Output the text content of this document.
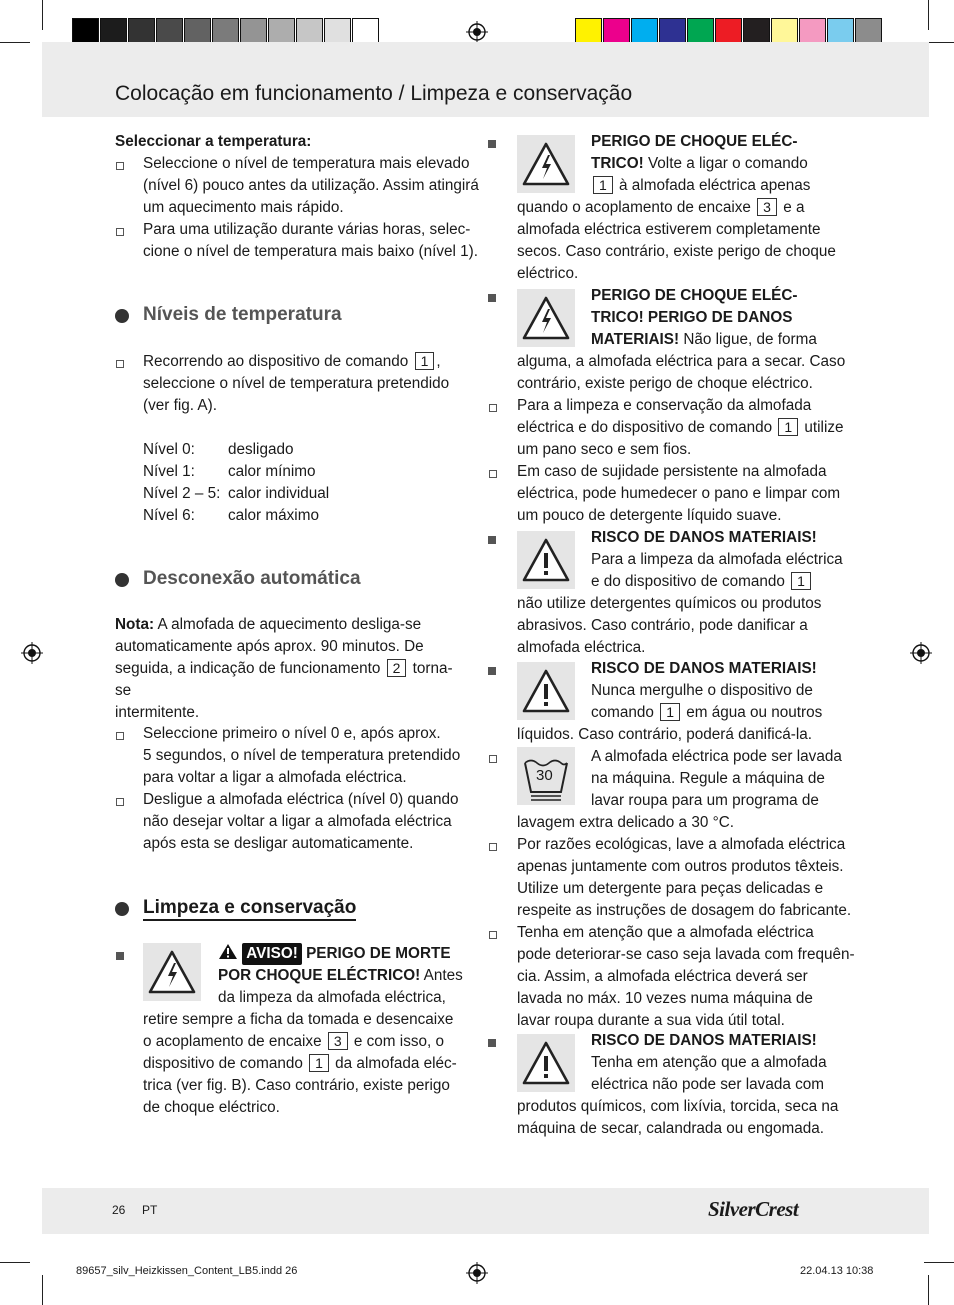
Colocação em funcionamento / Limpeza e conservação
Seleccionar a temperatura:
Seleccione o nível de temperatura mais elevado
(nível 6) pouco antes da utilização. Assim atingirá
um aquecimento mais rápido.
Para uma utilização durante várias horas, selec-
cione o nível de temperatura mais baixo (nível 1).
Níveis de temperatura
Recorrendo ao dispositivo de comando 1 ,
seleccione o nível de temperatura pretendido
(ver fig. A).
Nível 0: desligado
Nível 1: calor mínimo
Nível 2 – 5: calor individual
Nível 6: calor máximo
Desconexão automática
Nota: A almofada de aquecimento desliga-se
automaticamente após aprox. 90 minutos. De
seguida, a indicação de funcionamento 2 torna-se
intermitente.
Seleccione primeiro o nível 0 e, após aprox.
5 segundos, o nível de temperatura pretendido
para voltar a ligar a almofada eléctrica.
Desligue a almofada eléctrica (nível 0) quando
não desejar voltar a ligar a almofada eléctrica
após esta se desligar automaticamente.
Limpeza e conservação
AVISO! PERIGO DE MORTE
POR CHOQUE ELÉCTRICO! Antes
da limpeza da almofada eléctrica,
retire sempre a ficha da tomada e desencaixe
o acoplamento de encaixe 3 e com isso, o
dispositivo de comando 1 da almofada eléc-
trica (ver fig. B). Caso contrário, existe perigo
de choque eléctrico.
PERIGO DE CHOQUE ELÉC-
TRICO! Volte a ligar o comando
1 à almofada eléctrica apenas
quando o acoplamento de encaixe 3 e a
almofada eléctrica estiverem completamente
secos. Caso contrário, existe perigo de choque
eléctrico.
PERIGO DE CHOQUE ELÉC-
TRICO! PERIGO DE DANOS
MATERIAIS! Não ligue, de forma
alguma, a almofada eléctrica para a secar. Caso
contrário, existe perigo de choque eléctrico.
Para a limpeza e conservação da almofada
eléctrica e do dispositivo de comando 1 utilize
um pano seco e sem fios.
Em caso de sujidade persistente na almofada
eléctrica, pode humedecer o pano e limpar com
um pouco de detergente líquido suave.
RISCO DE DANOS MATERIAIS!
Para a limpeza da almofada eléctrica
e do dispositivo de comando 1
não utilize detergentes químicos ou produtos
abrasivos. Caso contrário, pode danificar a
almofada eléctrica.
RISCO DE DANOS MATERIAIS!
Nunca mergulhe o dispositivo de
comando 1 em água ou noutros
líquidos. Caso contrário, poderá danificá-la.
30
A almofada eléctrica pode ser lavada
na máquina. Regule a máquina de
lavar roupa para um programa de
lavagem extra delicado a 30 °C.
Por razões ecológicas, lave a almofada eléctrica
apenas juntamente com outros produtos têxteis.
Utilize um detergente para peças delicadas e
respeite as instruções de dosagem do fabricante.
Tenha em atenção que a almofada eléctrica
pode deteriorar-se caso seja lavada com frequên-
cia. Assim, a almofada eléctrica deverá ser
lavada no máx. 10 vezes numa máquina de
lavar roupa durante a sua vida útil total.
RISCO DE DANOS MATERIAIS!
Tenha em atenção que a almofada
eléctrica não pode ser lavada com
produtos químicos, com lixívia, torcida, seca na
máquina de secar, calandrada ou engomada.
26 PT	SilverCrest
89657_silv_Heizkissen_Content_LB5.indd 26	22.04.13 10:38
